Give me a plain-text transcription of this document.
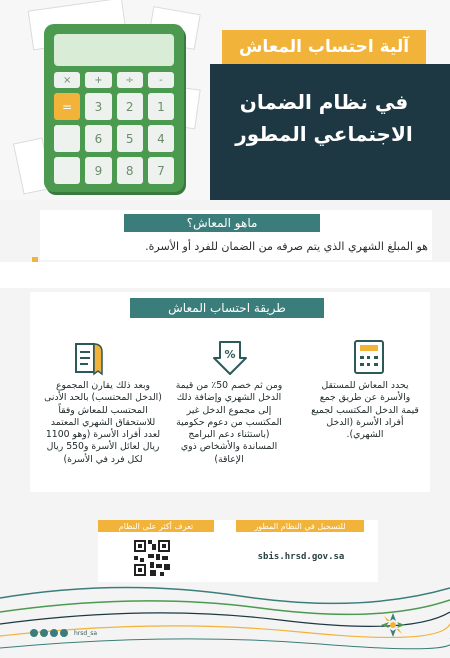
-
÷
+
×
1
2
3
=
4
5
6
7
8
9
آلية احتساب المعاش
في نظام الضمان
الاجتماعي المطور
ماهو المعاش؟
هو المبلغ الشهري الذي يتم صرفه من الضمان للفرد أو الأسرة.
طريقة احتساب المعاش
%
يحدد المعاش للمستقل والأسرة عن طريق جمع قيمة الدخل المكتسب لجميع أفراد الأسرة (الدخل الشهري).
ومن ثم خصم 50٪ من قيمة الدخل الشهري وإضافة ذلك إلى مجموع الدخل غير المكتسب من دعوم حكومية (باستثناء دعم البرامج المساندة والأشخاص ذوي الإعاقة)
وبعد ذلك يقارن المجموع (الدخل المحتسب) بالحد الأدنى المحتسب للمعاش وفقاً للاستحقاق الشهري المعتمد لعدد أفراد الأسرة (وهو 1100 ريال لعائل الأسرة و550 ريال لكل فرد في الأسرة)
للتسجيل في النظام المطور
تعرف أكثر على النظام
sbis.hrsd.gov.sa
hrsd_sa
